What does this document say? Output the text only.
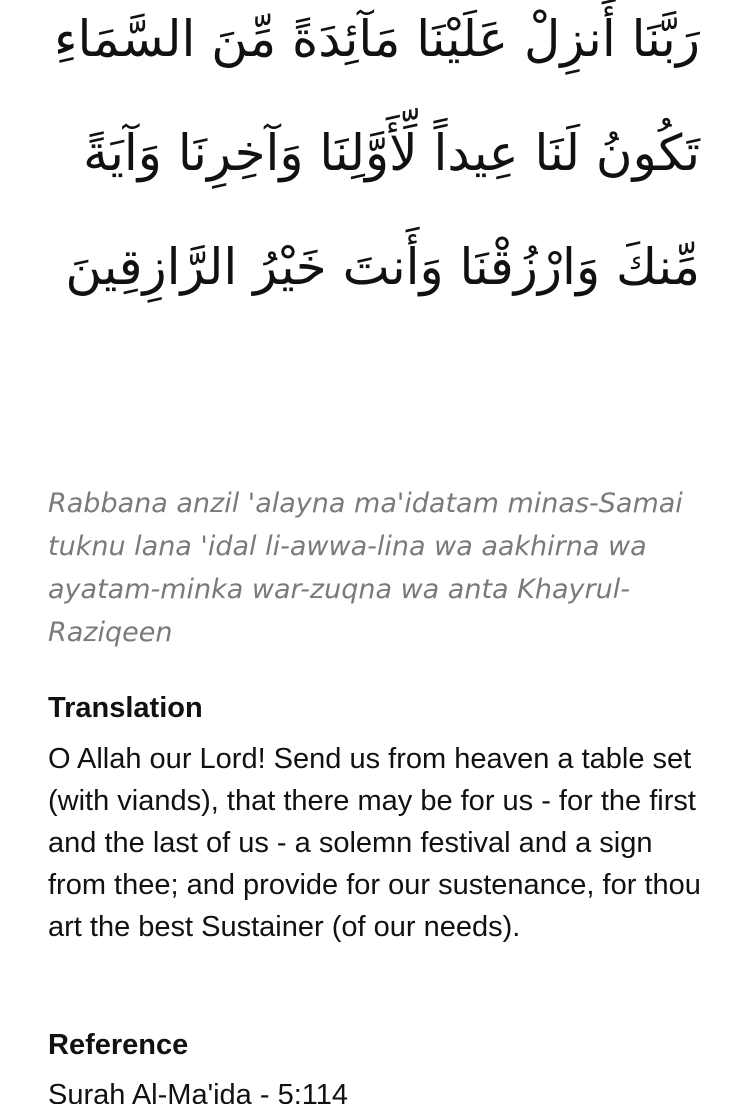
رَبَّنَا أَنزِلْ عَلَيْنَا مَآئِدَةً مِّنَ السَّمَاءِ تَكُونُ لَنَا عِيداً لِّأَوَّلِنَا وَآخِرِنَا وَآيَةً مِّنكَ وَارْزُقْنَا وَأَنتَ خَيْرُ الرَّازِقِينَ

Rabbana anzil 'alayna ma'idatam minas-Samai tuknu lana 'idal li-awwa-lina wa aakhirna wa ayatam-minka war-zuqna wa anta Khayrul-Raziqeen

Translation

O Allah our Lord! Send us from heaven a table set (with viands), that there may be for us - for the first and the last of us - a solemn festival and a sign from thee; and provide for our sustenance, for thou art the best Sustainer (of our needs).

Reference

Surah Al-Ma'ida - 5:114
